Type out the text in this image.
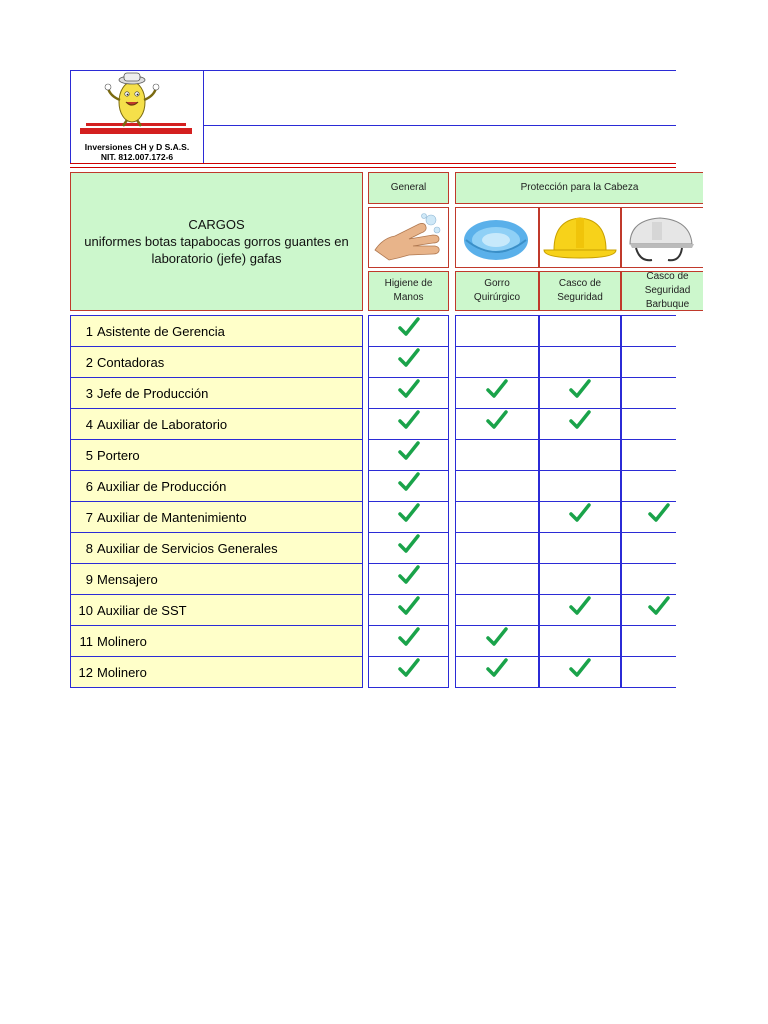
Inversiones CH y D S.A.S.
NIT. 812.007.172-6
CARGOS
uniformes botas tapabocas gorros guantes en laboratorio (jefe) gafas
General	Protección para la Cabeza
Higiene de
Manos
Gorro
Quirúrgico
Casco de
Seguridad
Casco de
Seguridad
Barbuque
1 Asistente de Gerencia
2 Contadoras
3 Jefe de Producción
4 Auxiliar de Laboratorio
5 Portero
6 Auxiliar de Producción
7 Auxiliar de Mantenimiento
8 Auxiliar de Servicios Generales
9 Mensajero
10 Auxiliar de SST
11 Molinero
12 Molinero
